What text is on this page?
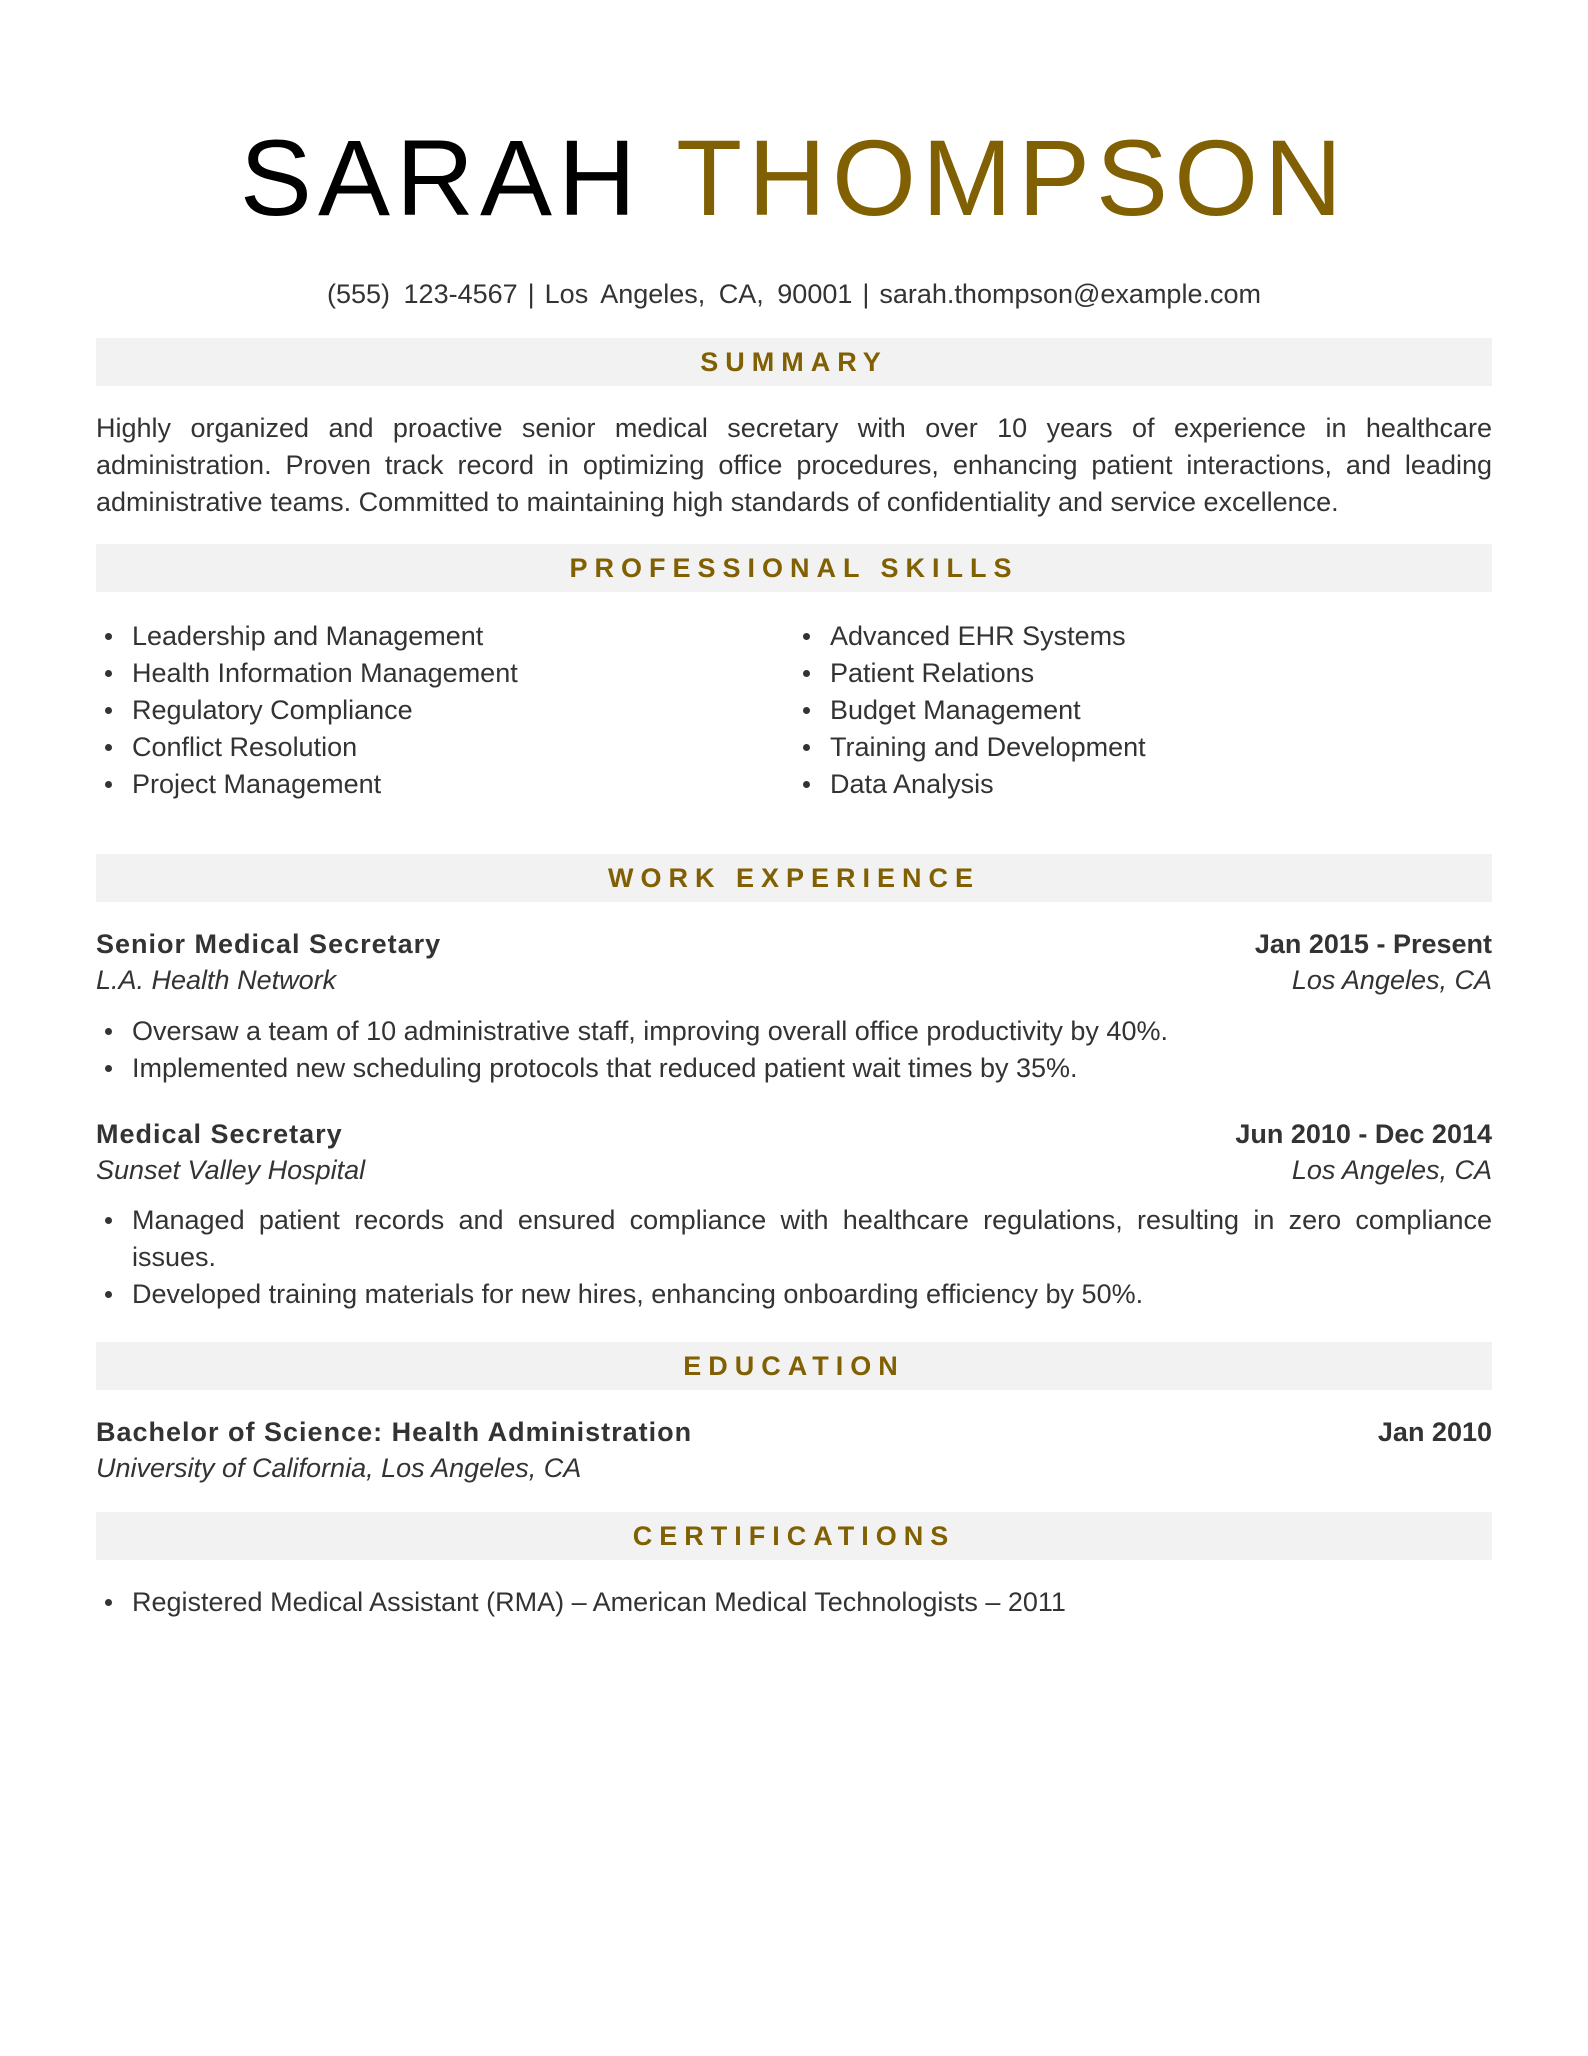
SARAH THOMPSON
(555) 123-4567 | Los Angeles, CA, 90001 | sarah.thompson@example.com
SUMMARY

Highly organized and proactive senior medical secretary with over 10 years of experience in healthcare administration. Proven track record in optimizing office procedures, enhancing patient interactions, and leading administrative teams. Committed to maintaining high standards of confidentiality and service excellence.

PROFESSIONAL SKILLS
Leadership and Management
Health Information Management
Regulatory Compliance
Conflict Resolution
Project Management
Advanced EHR Systems
Patient Relations
Budget Management
Training and Development
Data Analysis
WORK EXPERIENCE
Senior Medical Secretary	Jan 2015 - Present
L.A. Health Network	Los Angeles, CA
Oversaw a team of 10 administrative staff, improving overall office productivity by 40%.
Implemented new scheduling protocols that reduced patient wait times by 35%.
Medical Secretary	Jun 2010 - Dec 2014
Sunset Valley Hospital	Los Angeles, CA
Managed patient records and ensured compliance with healthcare regulations, resulting in zero compliance issues.
Developed training materials for new hires, enhancing onboarding efficiency by 50%.
EDUCATION
Bachelor of Science: Health Administration	Jan 2010
University of California, Los Angeles, CA
CERTIFICATIONS
Registered Medical Assistant (RMA) – American Medical Technologists – 2011
